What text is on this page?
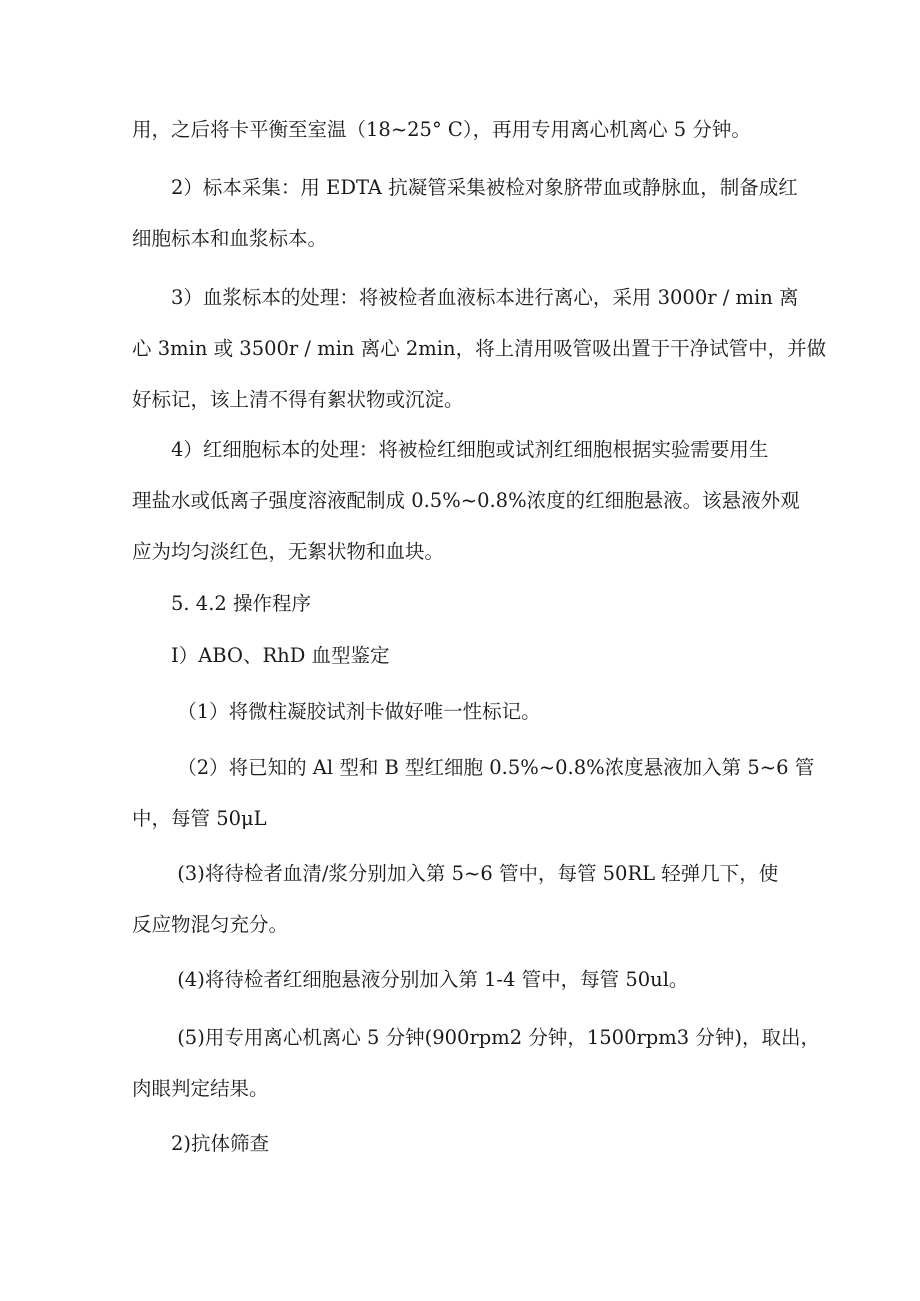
用，之后将卡平衡至室温（18~25° C），再用专用离心机离心 5 分钟。

　　2）标本采集：用 EDTA 抗凝管采集被检对象脐带血或静脉血，制备成红
细胞标本和血浆标本。

　　3）血浆标本的处理：将被检者血液标本进行离心，采用 3000r / min 离
心 3min 或 3500r / min 离心 2min，将上清用吸管吸出置于干净试管中，并做
好标记，该上清不得有絮状物或沉淀。

　　4）红细胞标本的处理：将被检红细胞或试剂红细胞根据实验需要用生
理盐水或低离子强度溶液配制成 0.5%~0.8%浓度的红细胞悬液。该悬液外观
应为均匀淡红色，无絮状物和血块。

　　5. 4.2 操作程序

　　I）ABO、RhD 血型鉴定

　　 （1）将微柱凝胶试剂卡做好唯一性标记。

　　 （2）将已知的 Al 型和 B 型红细胞 0.5%~0.8%浓度悬液加入第 5~6 管
中，每管 50μL

　　 (3)将待检者血清/浆分别加入第 5~6 管中，每管 50RL 轻弹几下，使
反应物混匀充分。

　　 (4)将待检者红细胞悬液分别加入第 1-4 管中，每管 50ul。

　　 (5)用专用离心机离心 5 分钟(900rpm2 分钟，1500rpm3 分钟)，取出，
肉眼判定结果。

　　2)抗体筛查
